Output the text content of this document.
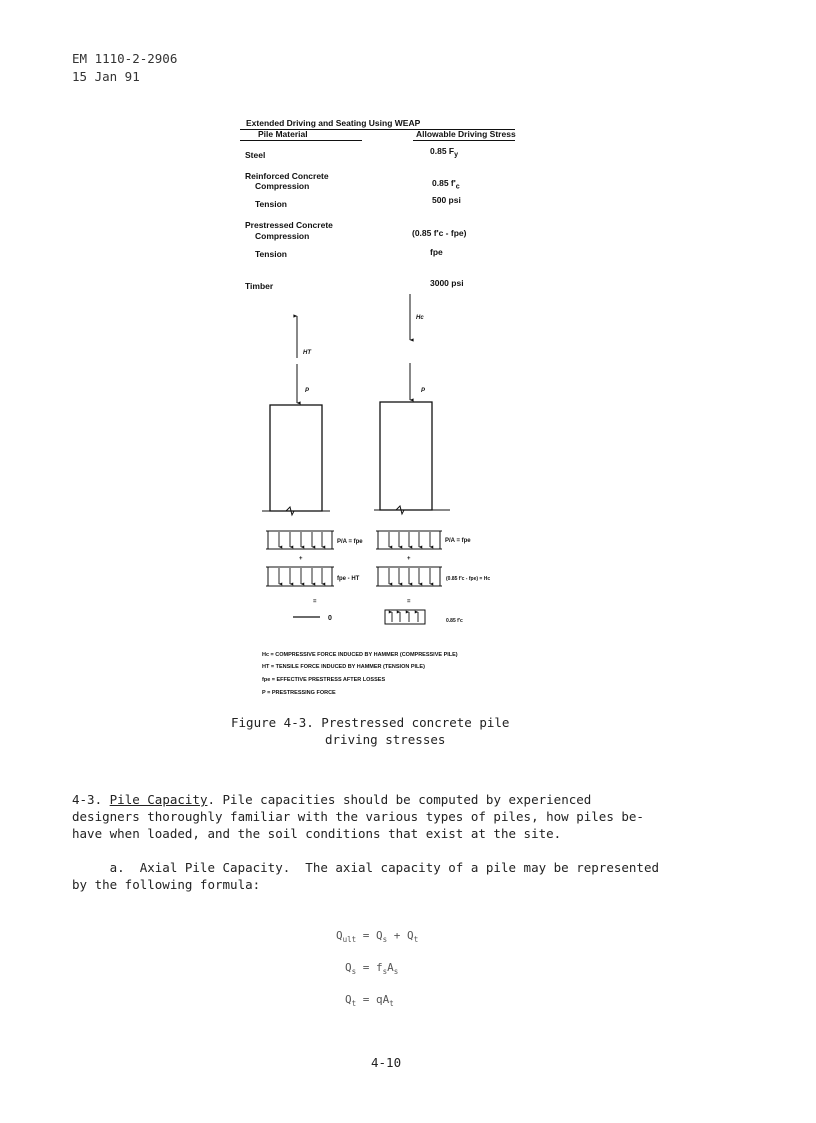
EM 1110-2-2906
15 Jan 91
Extended Driving and Seating Using WEAP
Pile Material	Allowable Driving Stress
Steel	0.85 $F_y$
Reinforced Concrete
Compression	0.85 $f'_c$
Tension	500 psi
Prestressed Concrete
Compression	(0.85 f'c - fpe)
Tension	fpe
Timber	3000 psi
HT
P
Hc
P
P/A = fpe	P/A = fpe
+	+
fpe - HT	(0.85 f'c - fpe) = Hc
=	=
0	0.85 f'c
Hc = COMPRESSIVE FORCE INDUCED BY HAMMER (COMPRESSIVE PILE)
HT = TENSILE FORCE INDUCED BY HAMMER (TENSION PILE)
fpe = EFFECTIVE PRESTRESS AFTER LOSSES
P = PRESTRESSING FORCE
Figure 4-3. Prestressed concrete pile
driving stresses
4-3. Pile Capacity. Pile capacities should be computed by experienced
designers thoroughly familiar with the various types of piles, how piles be-
have when loaded, and the soil conditions that exist at the site.
a.  Axial Pile Capacity.  The axial capacity of a pile may be represented
by the following formula:
$Q_{ult} = Q_s + Q_t$
$Q_s = f_sA_s$
$Q_t = qA_t$
4-10
